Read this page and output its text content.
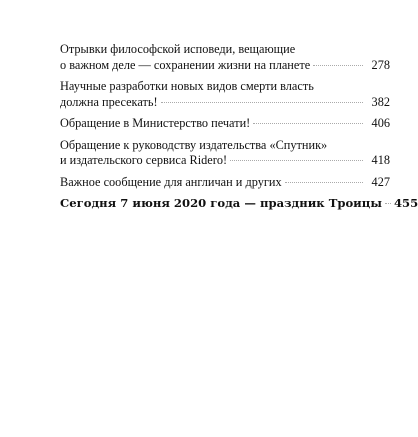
Отрывки философской исповеди, вещающие
о важном деле — сохранении жизни на планете	278
Научные разработки новых видов смерти власть
должна пресекать!	382
Обращение в Министерство печати!	406
Обращение к руководству издательства «Спутник»
и издательского сервиса Ridero!	418
Важное сообщение для англичан и других	427
Сегодня 7 июня 2020 года — праздник Троицы 455
